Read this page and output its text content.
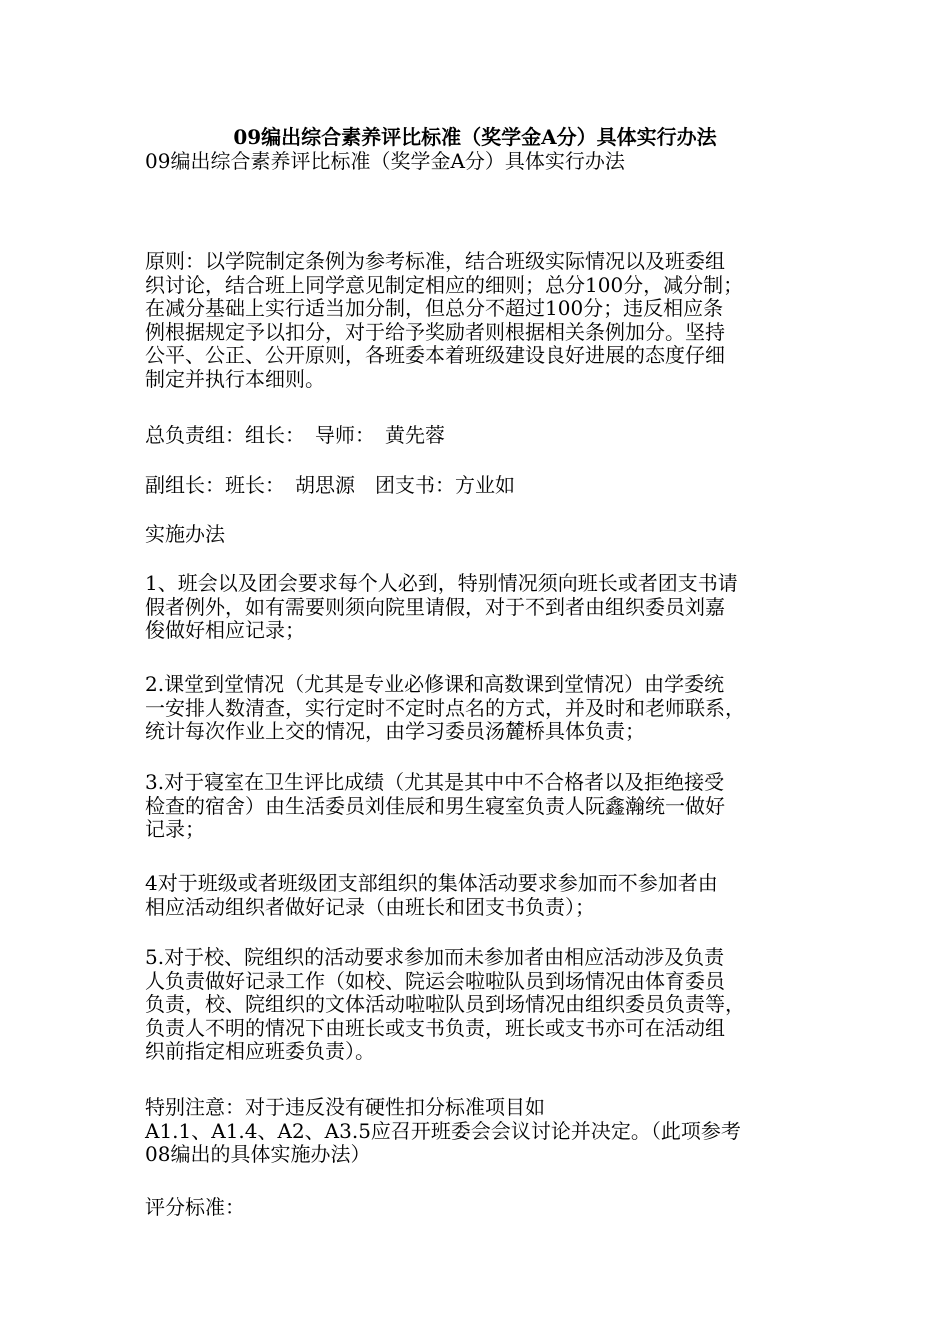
09编出综合素养评比标准（奖学金A分）具体实行办法

09编出综合素养评比标准（奖学金A分）具体实行办法

原则：以学院制定条例为参考标准，结合班级实际情况以及班委组
织讨论，结合班上同学意见制定相应的细则；总分100分，减分制；
在减分基础上实行适当加分制，但总分不超过100分；违反相应条
例根据规定予以扣分，对于给予奖励者则根据相关条例加分。坚持
公平、公正、公开原则，各班委本着班级建设良好进展的态度仔细
制定并执行本细则。

总负责组：组长：　导师：　黄先蓉

副组长：班长：　胡思源　团支书：方业如

实施办法

1、班会以及团会要求每个人必到，特别情况须向班长或者团支书请
假者例外，如有需要则须向院里请假，对于不到者由组织委员刘嘉
俊做好相应记录；

2.课堂到堂情况（尤其是专业必修课和高数课到堂情况）由学委统
一安排人数清查，实行定时不定时点名的方式，并及时和老师联系，
统计每次作业上交的情况，由学习委员汤麓桥具体负责；

3.对于寝室在卫生评比成绩（尤其是其中中不合格者以及拒绝接受
检查的宿舍）由生活委员刘佳辰和男生寝室负责人阮鑫瀚统一做好
记录；

4对于班级或者班级团支部组织的集体活动要求参加而不参加者由
相应活动组织者做好记录（由班长和团支书负责）；

5.对于校、院组织的活动要求参加而未参加者由相应活动涉及负责
人负责做好记录工作（如校、院运会啦啦队员到场情况由体育委员
负责，校、院组织的文体活动啦啦队员到场情况由组织委员负责等，
负责人不明的情况下由班长或支书负责，班长或支书亦可在活动组
织前指定相应班委负责）。

特别注意：对于违反没有硬性扣分标准项目如
A1.1、A1.4、A2、A3.5应召开班委会会议讨论并决定。（此项参考
08编出的具体实施办法）

评分标准：
